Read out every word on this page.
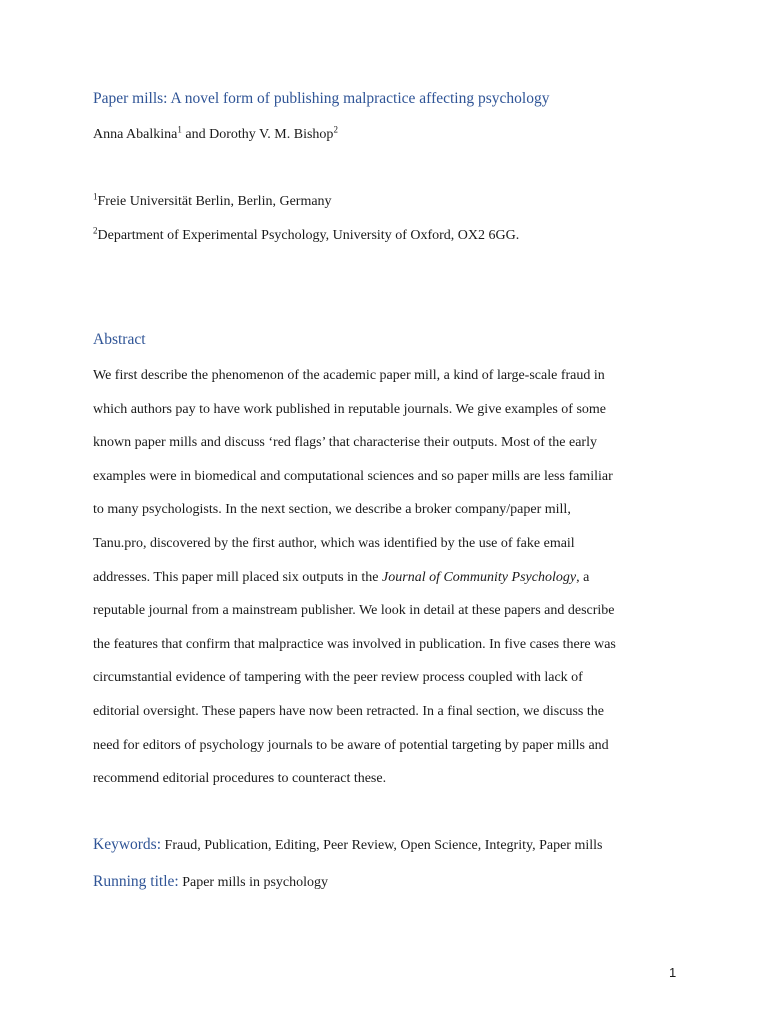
Paper mills: A novel form of publishing malpractice affecting psychology
Anna Abalkina$^1$ and Dorothy V. M. Bishop$^2$
$^1$Freie Universität Berlin, Berlin, Germany
$^2$Department of Experimental Psychology, University of Oxford, OX2 6GG.
Abstract
We first describe the phenomenon of the academic paper mill, a kind of large-scale fraud in
which authors pay to have work published in reputable journals. We give examples of some
known paper mills and discuss ‘red flags’ that characterise their outputs. Most of the early
examples were in biomedical and computational sciences and so paper mills are less familiar
to many psychologists. In the next section, we describe a broker company/paper mill,
Tanu.pro, discovered by the first author, which was identified by the use of fake email
addresses. This paper mill placed six outputs in the Journal of Community Psychology, a
reputable journal from a mainstream publisher. We look in detail at these papers and describe
the features that confirm that malpractice was involved in publication. In five cases there was
circumstantial evidence of tampering with the peer review process coupled with lack of
editorial oversight. These papers have now been retracted. In a final section, we discuss the
need for editors of psychology journals to be aware of potential targeting by paper mills and
recommend editorial procedures to counteract these.
Keywords: Fraud, Publication, Editing, Peer Review, Open Science, Integrity, Paper mills
Running title: Paper mills in psychology
1
